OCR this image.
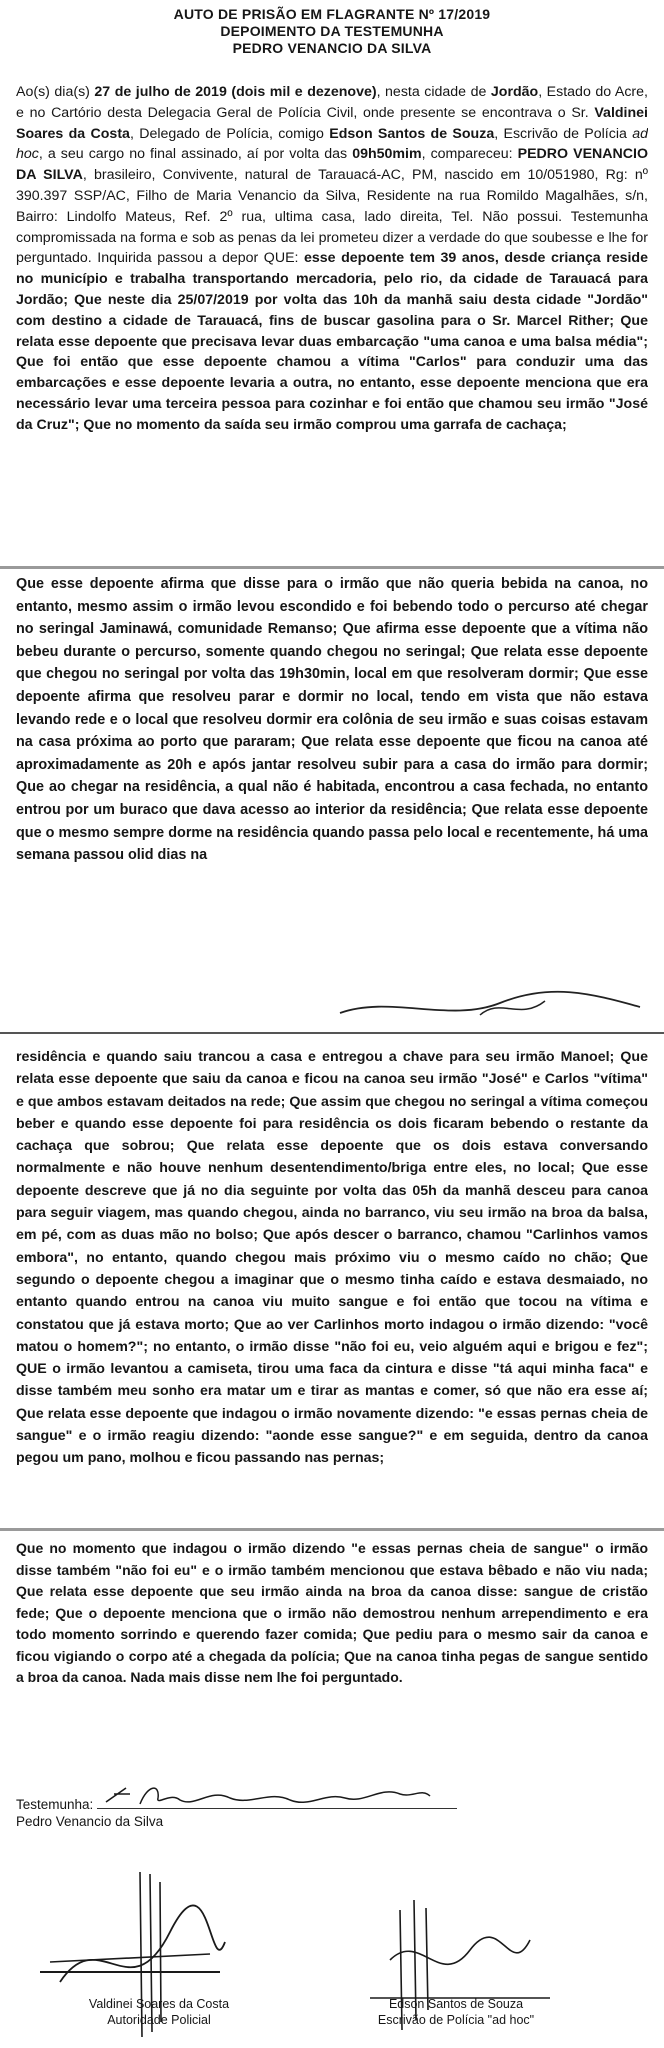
AUTO DE PRISÃO EM FLAGRANTE Nº 17/2019
DEPOIMENTO DA TESTEMUNHA
PEDRO VENANCIO DA SILVA

Ao(s) dia(s) 27 de julho de 2019 (dois mil e dezenove), nesta cidade de Jordão, Estado do Acre, e no Cartório desta Delegacia Geral de Polícia Civil, onde presente se encontrava o Sr. Valdinei Soares da Costa, Delegado de Polícia, comigo Edson Santos de Souza, Escrivão de Polícia ad hoc, a seu cargo no final assinado, aí por volta das 09h50mim, compareceu: PEDRO VENANCIO DA SILVA, brasileiro, Convivente, natural de Tarauacá-AC, PM, nascido em 10/051980, Rg: nº 390.397 SSP/AC, Filho de Maria Venancio da Silva, Residente na rua Romildo Magalhães, s/n, Bairro: Lindolfo Mateus, Ref. 2º rua, ultima casa, lado direita, Tel. Não possui. Testemunha compromissada na forma e sob as penas da lei prometeu dizer a verdade do que soubesse e lhe for perguntado. Inquirida passou a depor QUE: esse depoente tem 39 anos, desde criança reside no município e trabalha transportando mercadoria, pelo rio, da cidade de Tarauacá para Jordão; Que neste dia 25/07/2019 por volta das 10h da manhã saiu desta cidade "Jordão" com destino a cidade de Tarauacá, fins de buscar gasolina para o Sr. Marcel Rither; Que relata esse depoente que precisava levar duas embarcação "uma canoa e uma balsa média"; Que foi então que esse depoente chamou a vítima "Carlos" para conduzir uma das embarcações e esse depoente levaria a outra, no entanto, esse depoente menciona que era necessário levar uma terceira pessoa para cozinhar e foi então que chamou seu irmão "José da Cruz"; Que no momento da saída seu irmão comprou uma garrafa de cachaça;

Que esse depoente afirma que disse para o irmão que não queria bebida na canoa, no entanto, mesmo assim o irmão levou escondido e foi bebendo todo o percurso até chegar no seringal Jaminawá, comunidade Remanso; Que afirma esse depoente que a vítima não bebeu durante o percurso, somente quando chegou no seringal; Que relata esse depoente que chegou no seringal por volta das 19h30min, local em que resolveram dormir; Que esse depoente afirma que resolveu parar e dormir no local, tendo em vista que não estava levando rede e o local que resolveu dormir era colônia de seu irmão e suas coisas estavam na casa próxima ao porto que pararam; Que relata esse depoente que ficou na canoa até aproximadamente as 20h e após jantar resolveu subir para a casa do irmão para dormir; Que ao chegar na residência, a qual não é habitada, encontrou a casa fechada, no entanto entrou por um buraco que dava acesso ao interior da residência; Que relata esse depoente que o mesmo sempre dorme na residência quando passa pelo local e recentemente, há uma semana passou olid dias na

residência e quando saiu trancou a casa e entregou a chave para seu irmão Manoel; Que relata esse depoente que saiu da canoa e ficou na canoa seu irmão "José" e Carlos "vítima" e que ambos estavam deitados na rede; Que assim que chegou no seringal a vítima começou beber e quando esse depoente foi para residência os dois ficaram bebendo o restante da cachaça que sobrou; Que relata esse depoente que os dois estava conversando normalmente e não houve nenhum desentendimento/briga entre eles, no local; Que esse depoente descreve que já no dia seguinte por volta das 05h da manhã desceu para canoa para seguir viagem, mas quando chegou, ainda no barranco, viu seu irmão na broa da balsa, em pé, com as duas mão no bolso; Que após descer o barranco, chamou "Carlinhos vamos embora", no entanto, quando chegou mais próximo viu o mesmo caído no chão; Que segundo o depoente chegou a imaginar que o mesmo tinha caído e estava desmaiado, no entanto quando entrou na canoa viu muito sangue e foi então que tocou na vítima e constatou que já estava morto; Que ao ver Carlinhos morto indagou o irmão dizendo: "você matou o homem?"; no entanto, o irmão disse "não foi eu, veio alguém aqui e brigou e fez"; QUE o irmão levantou a camiseta, tirou uma faca da cintura e disse "tá aqui minha faca" e disse também meu sonho era matar um e tirar as mantas e comer, só que não era esse aí; Que relata esse depoente que indagou o irmão novamente dizendo: "e essas pernas cheia de sangue" e o irmão reagiu dizendo: "aonde esse sangue?" e em seguida, dentro da canoa pegou um pano, molhou e ficou passando nas pernas;

Que no momento que indagou o irmão dizendo "e essas pernas cheia de sangue" o irmão disse também "não foi eu" e o irmão também mencionou que estava bêbado e não viu nada; Que relata esse depoente que seu irmão ainda na broa da canoa disse: sangue de cristão fede; Que o depoente menciona que o irmão não demostrou nenhum arrependimento e era todo momento sorrindo e querendo fazer comida; Que pediu para o mesmo sair da canoa e ficou vigiando o corpo até a chegada da polícia; Que na canoa tinha pegas de sangue sentido a broa da canoa. Nada mais disse nem lhe foi perguntado.

Testemunha:
Pedro Venancio da Silva
Valdinei Soares da Costa
Autoridade Policial
Edson Santos de Souza
Escrivão de Polícia "ad hoc"
